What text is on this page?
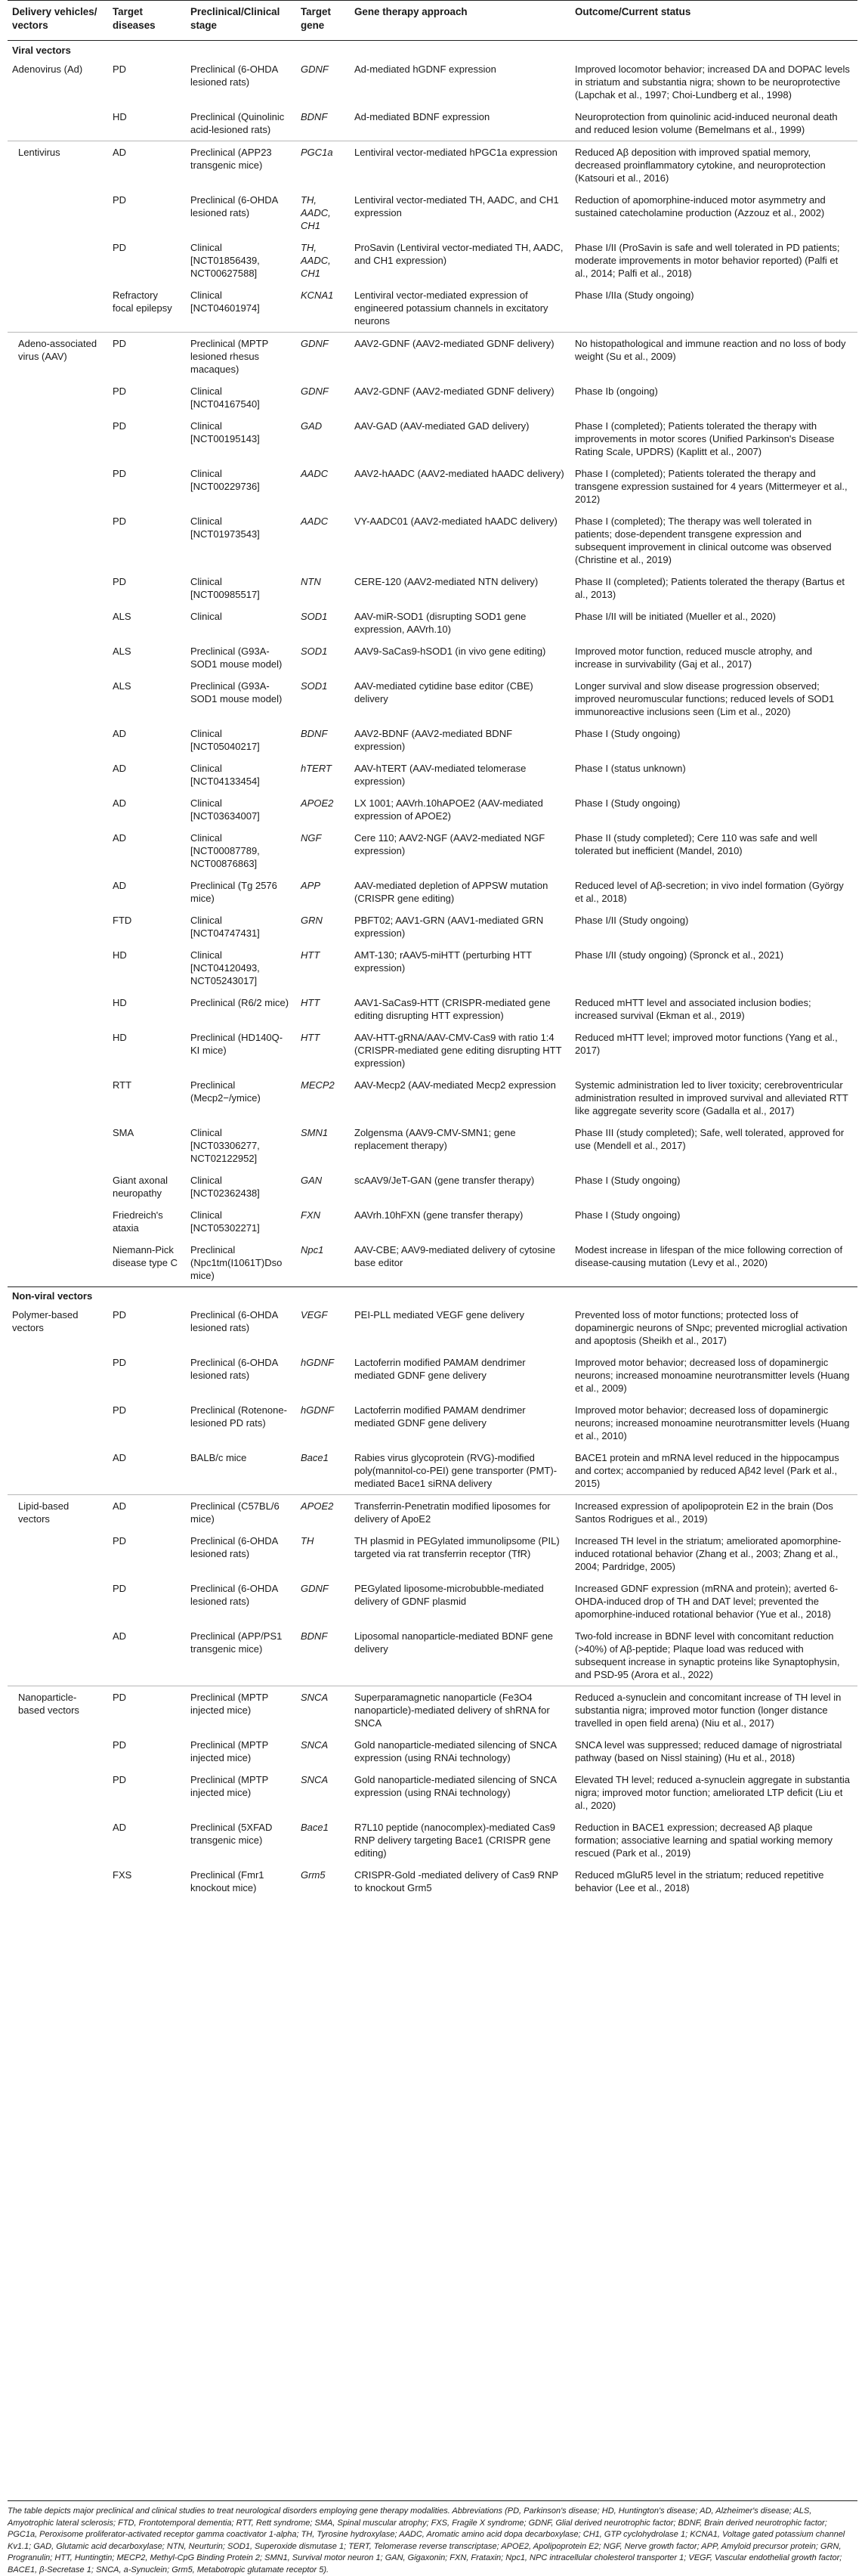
Delivery vehicles/ vectors	Target diseases	Preclinical/Clinical stage	Target gene	Gene therapy approach	Outcome/Current status
Viral vectors					
Adenovirus (Ad)	PD	Preclinical (6-OHDA lesioned rats)	GDNF	Ad-mediated hGDNF expression	Improved locomotor behavior; increased DA and DOPAC levels in striatum and substantia nigra; shown to be neuroprotective (Lapchak et al., 1997; Choi-Lundberg et al., 1998)
	HD	Preclinical (Quinolinic acid-lesioned rats)	BDNF	Ad-mediated BDNF expression	Neuroprotection from quinolinic acid-induced neuronal death and reduced lesion volume (Bemelmans et al., 1999)
Lentivirus	AD	Preclinical (APP23 transgenic mice)	PGC1a	Lentiviral vector-mediated hPGC1a expression	Reduced Aβ deposition with improved spatial memory, decreased proinflammatory cytokine, and neuroprotection (Katsouri et al., 2016)
	PD	Preclinical (6-OHDA lesioned rats)	TH, AADC, CH1	Lentiviral vector-mediated TH, AADC, and CH1 expression	Reduction of apomorphine-induced motor asymmetry and sustained catecholamine production (Azzouz et al., 2002)
	PD	Clinical [NCT01856439, NCT00627588]	TH, AADC, CH1	ProSavin (Lentiviral vector-mediated TH, AADC, and CH1 expression)	Phase I/II (ProSavin is safe and well tolerated in PD patients; moderate improvements in motor behavior reported) (Palfi et al., 2014; Palfi et al., 2018)
	Refractory focal epilepsy	Clinical [NCT04601974]	KCNA1	Lentiviral vector-mediated expression of engineered potassium channels in excitatory neurons	Phase I/IIa (Study ongoing)
Adeno-associated virus (AAV)	PD	Preclinical (MPTP lesioned rhesus macaques)	GDNF	AAV2-GDNF (AAV2-mediated GDNF delivery)	No histopathological and immune reaction and no loss of body weight (Su et al., 2009)
	PD	Clinical [NCT04167540]	GDNF	AAV2-GDNF (AAV2-mediated GDNF delivery)	Phase Ib (ongoing)
	PD	Clinical [NCT00195143]	GAD	AAV-GAD (AAV-mediated GAD delivery)	Phase I (completed); Patients tolerated the therapy with improvements in motor scores (Unified Parkinson's Disease Rating Scale, UPDRS) (Kaplitt et al., 2007)
	PD	Clinical [NCT00229736]	AADC	AAV2-hAADC (AAV2-mediated hAADC delivery)	Phase I (completed); Patients tolerated the therapy and transgene expression sustained for 4 years (Mittermeyer et al., 2012)
	PD	Clinical [NCT01973543]	AADC	VY-AADC01 (AAV2-mediated hAADC delivery)	Phase I (completed); The therapy was well tolerated in patients; dose-dependent transgene expression and subsequent improvement in clinical outcome was observed (Christine et al., 2019)
	PD	Clinical [NCT00985517]	NTN	CERE-120 (AAV2-mediated NTN delivery)	Phase II (completed); Patients tolerated the therapy (Bartus et al., 2013)
	ALS	Clinical	SOD1	AAV-miR-SOD1 (disrupting SOD1 gene expression, AAVrh.10)	Phase I/II will be initiated (Mueller et al., 2020)
	ALS	Preclinical (G93A-SOD1 mouse model)	SOD1	AAV9-SaCas9-hSOD1 (in vivo gene editing)	Improved motor function, reduced muscle atrophy, and increase in survivability (Gaj et al., 2017)
	ALS	Preclinical (G93A-SOD1 mouse model)	SOD1	AAV-mediated cytidine base editor (CBE) delivery	Longer survival and slow disease progression observed; improved neuromuscular functions; reduced levels of SOD1 immunoreactive inclusions seen (Lim et al., 2020)
	AD	Clinical [NCT05040217]	BDNF	AAV2-BDNF (AAV2-mediated BDNF expression)	Phase I (Study ongoing)
	AD	Clinical [NCT04133454]	hTERT	AAV-hTERT (AAV-mediated telomerase expression)	Phase I (status unknown)
	AD	Clinical [NCT03634007]	APOE2	LX 1001; AAVrh.10hAPOE2 (AAV-mediated expression of APOE2)	Phase I (Study ongoing)
	AD	Clinical [NCT00087789, NCT00876863]	NGF	Cere 110; AAV2-NGF (AAV2-mediated NGF expression)	Phase II (study completed); Cere 110 was safe and well tolerated but inefficient (Mandel, 2010)
	AD	Preclinical (Tg 2576 mice)	APP	AAV-mediated depletion of APPSW mutation (CRISPR gene editing)	Reduced level of Aβ-secretion; in vivo indel formation (György et al., 2018)
	FTD	Clinical [NCT04747431]	GRN	PBFT02; AAV1-GRN (AAV1-mediated GRN expression)	Phase I/II (Study ongoing)
	HD	Clinical [NCT04120493, NCT05243017]	HTT	AMT-130; rAAV5-miHTT (perturbing HTT expression)	Phase I/II (study ongoing) (Spronck et al., 2021)
	HD	Preclinical (R6/2 mice)	HTT	AAV1-SaCas9-HTT (CRISPR-mediated gene editing disrupting HTT expression)	Reduced mHTT level and associated inclusion bodies; increased survival (Ekman et al., 2019)
	HD	Preclinical (HD140Q-KI mice)	HTT	AAV-HTT-gRNA/AAV-CMV-Cas9 with ratio 1:4 (CRISPR-mediated gene editing disrupting HTT expression)	Reduced mHTT level; improved motor functions (Yang et al., 2017)
	RTT	Preclinical (Mecp2−/ymice)	MECP2	AAV-Mecp2 (AAV-mediated Mecp2 expression	Systemic administration led to liver toxicity; cerebroventricular administration resulted in improved survival and alleviated RTT like aggregate severity score (Gadalla et al., 2017)
	SMA	Clinical [NCT03306277, NCT02122952]	SMN1	Zolgensma (AAV9-CMV-SMN1; gene replacement therapy)	Phase III (study completed); Safe, well tolerated, approved for use (Mendell et al., 2017)
	Giant axonal neuropathy	Clinical [NCT02362438]	GAN	scAAV9/JeT-GAN (gene transfer therapy)	Phase I (Study ongoing)
	Friedreich's ataxia	Clinical [NCT05302271]	FXN	AAVrh.10hFXN (gene transfer therapy)	Phase I (Study ongoing)
	Niemann-Pick disease type C	Preclinical (Npc1tm(I1061T)Dso mice)	Npc1	AAV-CBE; AAV9-mediated delivery of cytosine base editor	Modest increase in lifespan of the mice following correction of disease-causing mutation (Levy et al., 2020)
Non-viral vectors					
Polymer-based vectors	PD	Preclinical (6-OHDA lesioned rats)	VEGF	PEI-PLL mediated VEGF gene delivery	Prevented loss of motor functions; protected loss of dopaminergic neurons of SNpc; prevented microglial activation and apoptosis (Sheikh et al., 2017)
	PD	Preclinical (6-OHDA lesioned rats)	hGDNF	Lactoferrin modified PAMAM dendrimer mediated GDNF gene delivery	Improved motor behavior; decreased loss of dopaminergic neurons; increased monoamine neurotransmitter levels (Huang et al., 2009)
	PD	Preclinical (Rotenone-lesioned PD rats)	hGDNF	Lactoferrin modified PAMAM dendrimer mediated GDNF gene delivery	Improved motor behavior; decreased loss of dopaminergic neurons; increased monoamine neurotransmitter levels (Huang et al., 2010)
	AD	BALB/c mice	Bace1	Rabies virus glycoprotein (RVG)-modified poly(mannitol-co-PEI) gene transporter (PMT)-mediated Bace1 siRNA delivery	BACE1 protein and mRNA level reduced in the hippocampus and cortex; accompanied by reduced Aβ42 level (Park et al., 2015)
Lipid-based vectors	AD	Preclinical (C57BL/6 mice)	APOE2	Transferrin-Penetratin modified liposomes for delivery of ApoE2	Increased expression of apolipoprotein E2 in the brain (Dos Santos Rodrigues et al., 2019)
	PD	Preclinical (6-OHDA lesioned rats)	TH	TH plasmid in PEGylated immunolipsome (PIL) targeted via rat transferrin receptor (TfR)	Increased TH level in the striatum; ameliorated apomorphine-induced rotational behavior (Zhang et al., 2003; Zhang et al., 2004; Pardridge, 2005)
	PD	Preclinical (6-OHDA lesioned rats)	GDNF	PEGylated liposome-microbubble-mediated delivery of GDNF plasmid	Increased GDNF expression (mRNA and protein); averted 6-OHDA-induced drop of TH and DAT level; prevented the apomorphine-induced rotational behavior (Yue et al., 2018)
	AD	Preclinical (APP/PS1 transgenic mice)	BDNF	Liposomal nanoparticle-mediated BDNF gene delivery	Two-fold increase in BDNF level with concomitant reduction (>40%) of Aβ-peptide; Plaque load was reduced with subsequent increase in synaptic proteins like Synaptophysin, and PSD-95 (Arora et al., 2022)
Nanoparticle-based vectors	PD	Preclinical (MPTP injected mice)	SNCA	Superparamagnetic nanoparticle (Fe3O4 nanoparticle)-mediated delivery of shRNA for SNCA	Reduced a-synuclein and concomitant increase of TH level in substantia nigra; improved motor function (longer distance travelled in open field arena) (Niu et al., 2017)
	PD	Preclinical (MPTP injected mice)	SNCA	Gold nanoparticle-mediated silencing of SNCA expression (using RNAi technology)	SNCA level was suppressed; reduced damage of nigrostriatal pathway (based on Nissl staining) (Hu et al., 2018)
	PD	Preclinical (MPTP injected mice)	SNCA	Gold nanoparticle-mediated silencing of SNCA expression (using RNAi technology)	Elevated TH level; reduced a-synuclein aggregate in substantia nigra; improved motor function; ameliorated LTP deficit (Liu et al., 2020)
	AD	Preclinical (5XFAD transgenic mice)	Bace1	R7L10 peptide (nanocomplex)-mediated Cas9 RNP delivery targeting Bace1 (CRISPR gene editing)	Reduction in BACE1 expression; decreased Aβ plaque formation; associative learning and spatial working memory rescued (Park et al., 2019)
	FXS	Preclinical (Fmr1 knockout mice)	Grm5	CRISPR-Gold -mediated delivery of Cas9 RNP to knockout Grm5	Reduced mGluR5 level in the striatum; reduced repetitive behavior (Lee et al., 2018)
The table depicts major preclinical and clinical studies to treat neurological disorders employing gene therapy modalities. Abbreviations (PD, Parkinson's disease; HD, Huntington's disease; AD, Alzheimer's disease; ALS, Amyotrophic lateral sclerosis; FTD, Frontotemporal dementia; RTT, Rett syndrome; SMA, Spinal muscular atrophy; FXS, Fragile X syndrome; GDNF, Glial derived neurotrophic factor; BDNF, Brain derived neurotrophic factor; PGC1a, Peroxisome proliferator-activated receptor gamma coactivator 1-alpha; TH, Tyrosine hydroxylase; AADC, Aromatic amino acid dopa decarboxylase; CH1, GTP cyclohydrolase 1; KCNA1, Voltage gated potassium channel Kv1.1; GAD, Glutamic acid decarboxylase; NTN, Neurturin; SOD1, Superoxide dismutase 1; TERT, Telomerase reverse transcriptase; APOE2, Apolipoprotein E2; NGF, Nerve growth factor; APP, Amyloid precursor protein; GRN, Progranulin; HTT, Huntingtin; MECP2, Methyl-CpG Binding Protein 2; SMN1, Survival motor neuron 1; GAN, Gigaxonin; FXN, Frataxin; Npc1, NPC intracellular cholesterol transporter 1; VEGF, Vascular endothelial growth factor; BACE1, β-Secretase 1; SNCA, a-Synuclein; Grm5, Metabotropic glutamate receptor 5).
